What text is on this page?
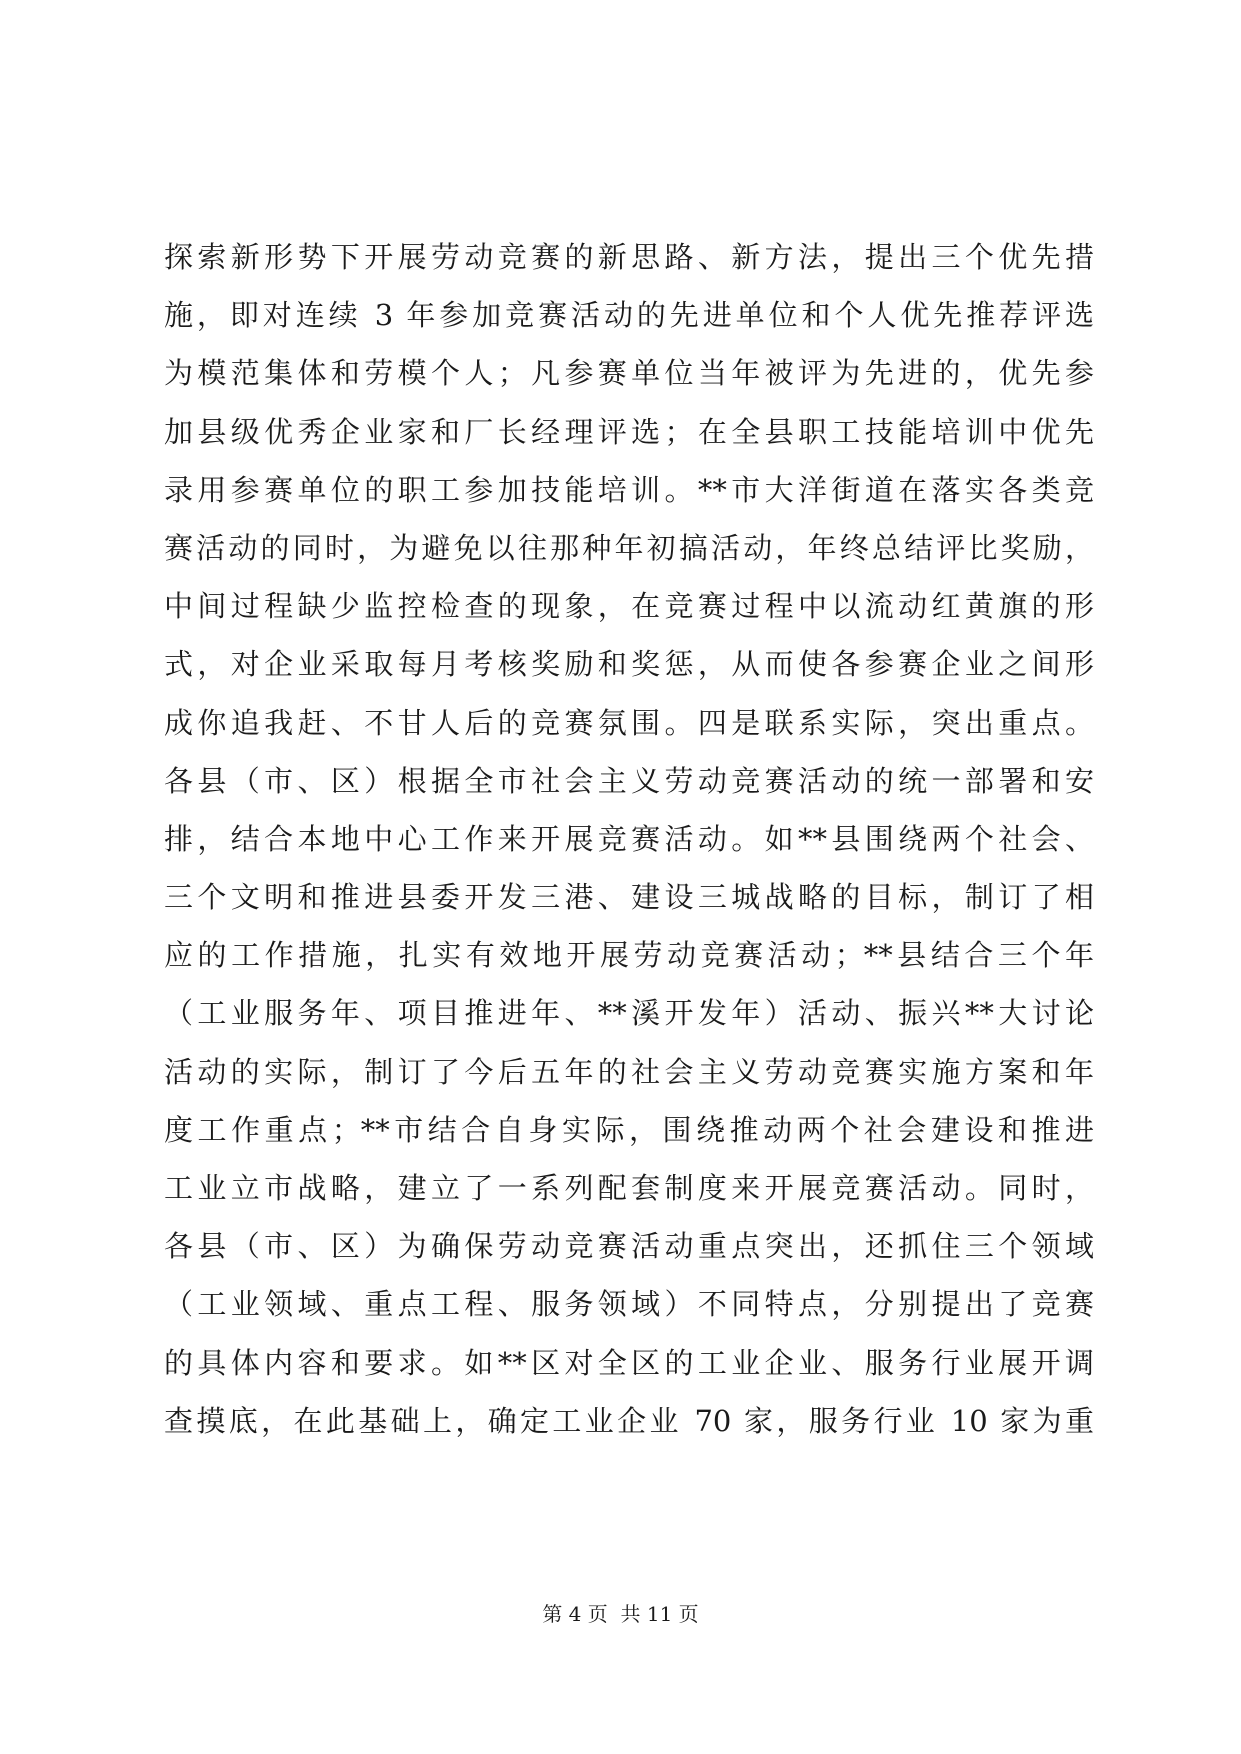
探索新形势下开展劳动竞赛的新思路、新方法，提出三个优先措
施，即对连续 3 年参加竞赛活动的先进单位和个人优先推荐评选
为模范集体和劳模个人；凡参赛单位当年被评为先进的，优先参
加县级优秀企业家和厂长经理评选；在全县职工技能培训中优先
录用参赛单位的职工参加技能培训。**市大洋街道在落实各类竞
赛活动的同时，为避免以往那种年初搞活动，年终总结评比奖励，
中间过程缺少监控检查的现象，在竞赛过程中以流动红黄旗的形
式，对企业采取每月考核奖励和奖惩，从而使各参赛企业之间形
成你追我赶、不甘人后的竞赛氛围。四是联系实际，突出重点。
各县（市、区）根据全市社会主义劳动竞赛活动的统一部署和安
排，结合本地中心工作来开展竞赛活动。如**县围绕两个社会、
三个文明和推进县委开发三港、建设三城战略的目标，制订了相
应的工作措施，扎实有效地开展劳动竞赛活动；**县结合三个年
（工业服务年、项目推进年、**溪开发年）活动、振兴**大讨论
活动的实际，制订了今后五年的社会主义劳动竞赛实施方案和年
度工作重点；**市结合自身实际，围绕推动两个社会建设和推进
工业立市战略，建立了一系列配套制度来开展竞赛活动。同时，
各县（市、区）为确保劳动竞赛活动重点突出，还抓住三个领域
（工业领域、重点工程、服务领域）不同特点，分别提出了竞赛
的具体内容和要求。如**区对全区的工业企业、服务行业展开调
查摸底，在此基础上，确定工业企业 70 家，服务行业 10 家为重
第 4 页  共 11 页
